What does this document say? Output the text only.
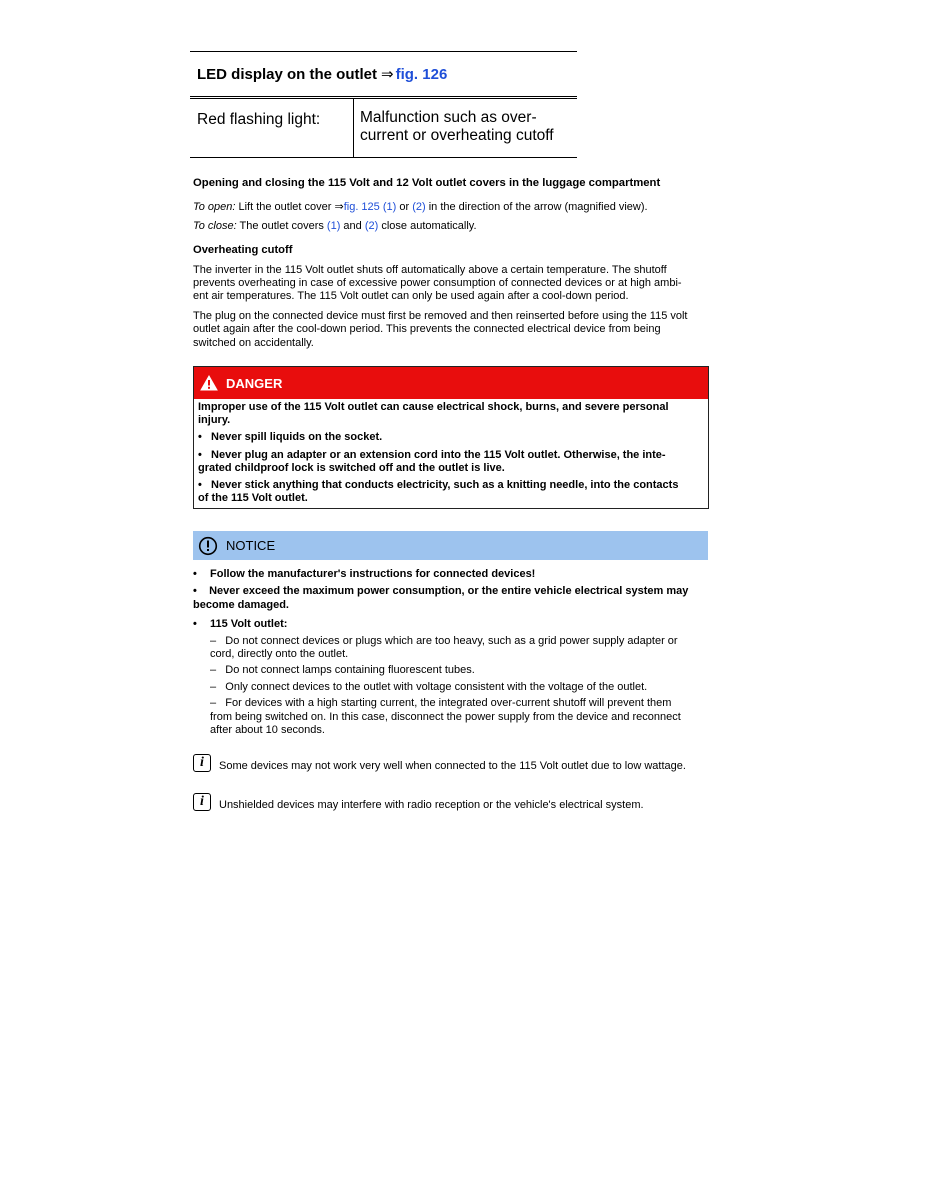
LED display on the outlet ⇒ fig. 126
Red flashing light:	Malfunction such as over-
current or overheating cutoff

Opening and closing the 115 Volt and 12 Volt outlet covers in the luggage compartment

To open: Lift the outlet cover ⇒fig. 125 (1) or (2) in the direction of the arrow (magnified view).

To close: The outlet covers (1) and (2) close automatically.

Overheating cutoff

The inverter in the 115 Volt outlet shuts off automatically above a certain temperature. The shutoff
prevents overheating in case of excessive power consumption of connected devices or at high ambi-
ent air temperatures. The 115 Volt outlet can only be used again after a cool-down period.

The plug on the connected device must first be removed and then reinserted before using the 115 volt
outlet again after the cool-down period. This prevents the connected electrical device from being
switched on accidentally.

DANGER

Improper use of the 115 Volt outlet can cause electrical shock, burns, and severe personal
injury.

• Never spill liquids on the socket.

• Never plug an adapter or an extension cord into the 115 Volt outlet. Otherwise, the inte-
grated childproof lock is switched off and the outlet is live.

• Never stick anything that conducts electricity, such as a knitting needle, into the contacts
of the 115 Volt outlet.

NOTICE

• Follow the manufacturer's instructions for connected devices!

• Never exceed the maximum power consumption, or the entire vehicle electrical system may
become damaged.

• 115 Volt outlet:

– Do not connect devices or plugs which are too heavy, such as a grid power supply adapter or
cord, directly onto the outlet.

– Do not connect lamps containing fluorescent tubes.

– Only connect devices to the outlet with voltage consistent with the voltage of the outlet.

– For devices with a high starting current, the integrated over-current shutoff will prevent them
from being switched on. In this case, disconnect the power supply from the device and reconnect
after about 10 seconds.

i Some devices may not work very well when connected to the 115 Volt outlet due to low wattage.
i Unshielded devices may interfere with radio reception or the vehicle's electrical system.
